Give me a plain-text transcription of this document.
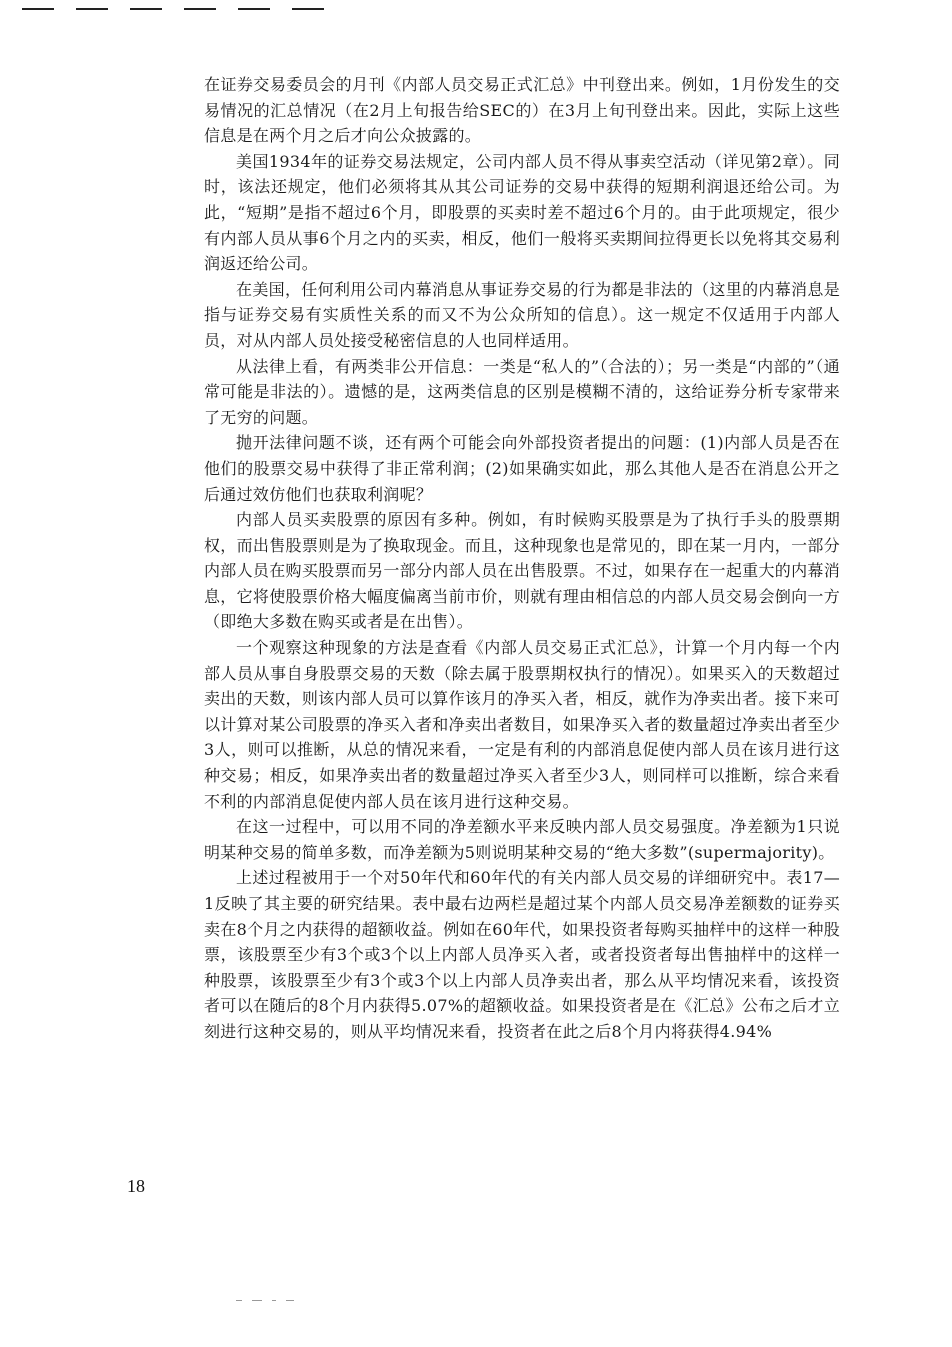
在证券交易委员会的月刊《内部人员交易正式汇总》中刊登出来。例如，1月份发生的交易情况的汇总情况（在2月上旬报告给SEC的）在3月上旬刊登出来。因此，实际上这些信息是在两个月之后才向公众披露的。

美国1934年的证券交易法规定，公司内部人员不得从事卖空活动（详见第2章）。同时，该法还规定，他们必须将其从其公司证券的交易中获得的短期利润退还给公司。为此，“短期”是指不超过6个月，即股票的买卖时差不超过6个月的。由于此项规定，很少有内部人员从事6个月之内的买卖，相反，他们一般将买卖期间拉得更长以免将其交易利润返还给公司。

在美国，任何利用公司内幕消息从事证券交易的行为都是非法的（这里的内幕消息是指与证券交易有实质性关系的而又不为公众所知的信息）。这一规定不仅适用于内部人员，对从内部人员处接受秘密信息的人也同样适用。

从法律上看，有两类非公开信息：一类是“私人的”（合法的）；另一类是“内部的”（通常可能是非法的）。遗憾的是，这两类信息的区别是模糊不清的，这给证券分析专家带来了无穷的问题。

抛开法律问题不谈，还有两个可能会向外部投资者提出的问题：(1)内部人员是否在他们的股票交易中获得了非正常利润；(2)如果确实如此，那么其他人是否在消息公开之后通过效仿他们也获取利润呢？

内部人员买卖股票的原因有多种。例如，有时候购买股票是为了执行手头的股票期权，而出售股票则是为了换取现金。而且，这种现象也是常见的，即在某一月内，一部分内部人员在购买股票而另一部分内部人员在出售股票。不过，如果存在一起重大的内幕消息，它将使股票价格大幅度偏离当前市价，则就有理由相信总的内部人员交易会倒向一方（即绝大多数在购买或者是在出售）。

一个观察这种现象的方法是查看《内部人员交易正式汇总》，计算一个月内每一个内部人员从事自身股票交易的天数（除去属于股票期权执行的情况）。如果买入的天数超过卖出的天数，则该内部人员可以算作该月的净买入者，相反，就作为净卖出者。接下来可以计算对某公司股票的净买入者和净卖出者数目，如果净买入者的数量超过净卖出者至少3人，则可以推断，从总的情况来看，一定是有利的内部消息促使内部人员在该月进行这种交易；相反，如果净卖出者的数量超过净买入者至少3人，则同样可以推断，综合来看不利的内部消息促使内部人员在该月进行这种交易。

在这一过程中，可以用不同的净差额水平来反映内部人员交易强度。净差额为1只说明某种交易的简单多数，而净差额为5则说明某种交易的“绝大多数”(supermajority)。

上述过程被用于一个对50年代和60年代的有关内部人员交易的详细研究中。表17—1反映了其主要的研究结果。表中最右边两栏是超过某个内部人员交易净差额数的证券买卖在8个月之内获得的超额收益。例如在60年代，如果投资者每购买抽样中的这样一种股票，该股票至少有3个或3个以上内部人员净买入者，或者投资者每出售抽样中的这样一种股票，该股票至少有3个或3个以上内部人员净卖出者，那么从平均情况来看，该投资者可以在随后的8个月内获得5.07%的超额收益。如果投资者是在《汇总》公布之后才立刻进行这种交易的，则从平均情况来看，投资者在此之后8个月内将获得4.94%

18
